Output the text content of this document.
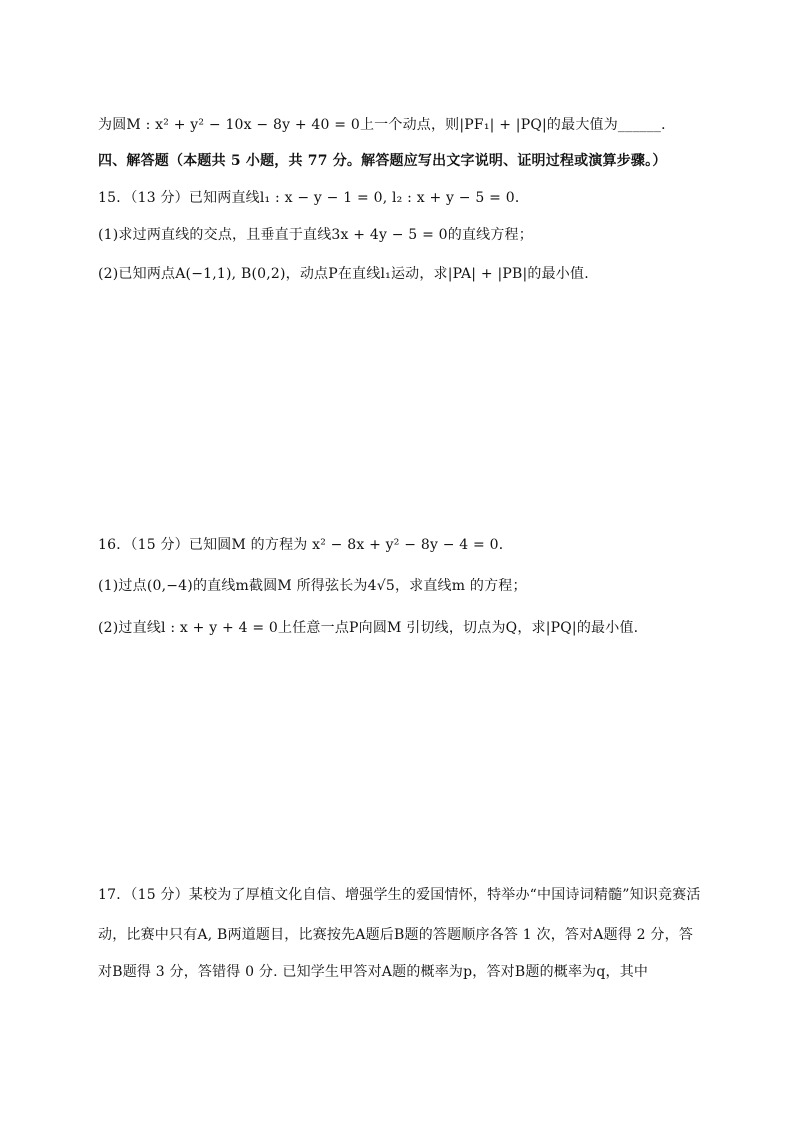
为圆M : x² + y² − 10x − 8y + 40 = 0上一个动点，则|PF₁| + |PQ|的最大值为______．
四、解答题（本题共 5 小题，共 77 分。解答题应写出文字说明、证明过程或演算步骤。）
15．（13 分）已知两直线l₁ : x − y − 1 = 0, l₂ : x + y − 5 = 0．
(1)求过两直线的交点，且垂直于直线3x + 4y − 5 = 0的直线方程；
(2)已知两点A(−1,1), B(0,2)，动点P在直线l₁运动，求|PA| + |PB|的最小值.
16．（15 分）已知圆M 的方程为 x² − 8x + y² − 8y − 4 = 0．
(1)过点(0,−4)的直线m截圆M 所得弦长为4√5，求直线m 的方程；
(2)过直线l : x + y + 4 = 0上任意一点P向圆M 引切线，切点为Q，求|PQ|的最小值.
17．（15 分）某校为了厚植文化自信、增强学生的爱国情怀，特举办“中国诗词精髓”知识竞赛活
动，比赛中只有A, B两道题目，比赛按先A题后B题的答题顺序各答 1 次，答对A题得 2 分，答
对B题得 3 分，答错得 0 分. 已知学生甲答对A题的概率为p，答对B题的概率为q，其中
